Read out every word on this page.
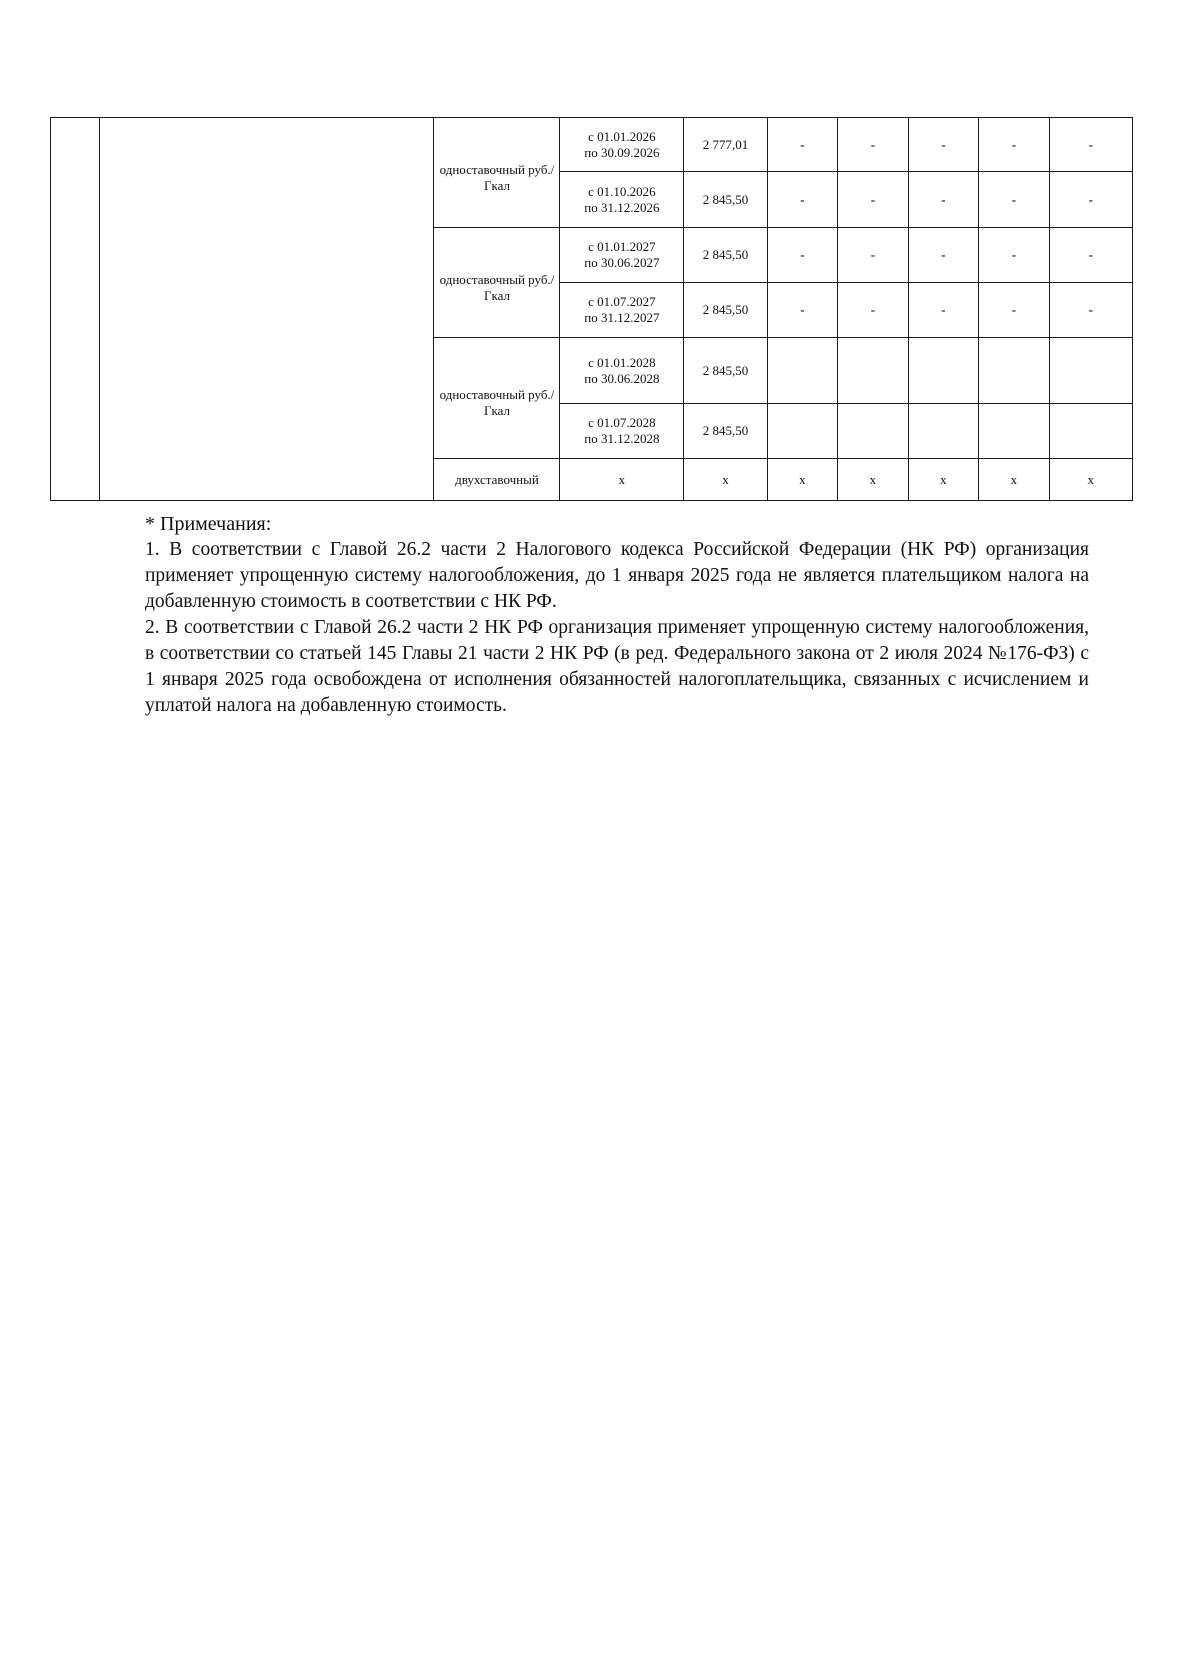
		одноставочный руб./Гкал	с 01.01.2026
по 30.09.2026	2 777,01	-	-	-	-	-
			с 01.10.2026
по 31.12.2026	2 845,50	-	-	-	-	-

		одноставочный руб./Гкал	с 01.01.2027
по 30.06.2027	2 845,50	-	-	-	-	-
			с 01.07.2027
по 31.12.2027	2 845,50	-	-	-	-	-

		одноставочный руб./Гкал	с 01.01.2028
по 30.06.2028	2 845,50					
			с 01.07.2028
по 31.12.2028	2 845,50					
		двухставочный	х	х	х	х	х	х	х

* Примечания:

1. В соответствии с Главой 26.2 части 2 Налогового кодекса Российской Федерации (НК РФ) организация применяет упрощенную систему налогообложения, до 1 января 2025 года не является плательщиком налога на добавленную стоимость в соответствии с НК РФ.

2. В соответствии с Главой 26.2 части 2 НК РФ организация применяет упрощенную систему налогообложения, в соответствии со статьей 145 Главы 21 части 2 НК РФ (в ред. Федерального закона от 2 июля 2024 №176-ФЗ) с 1 января 2025 года освобождена от исполнения обязанностей налогоплательщика, связанных с исчислением и уплатой налога на добавленную стоимость.
